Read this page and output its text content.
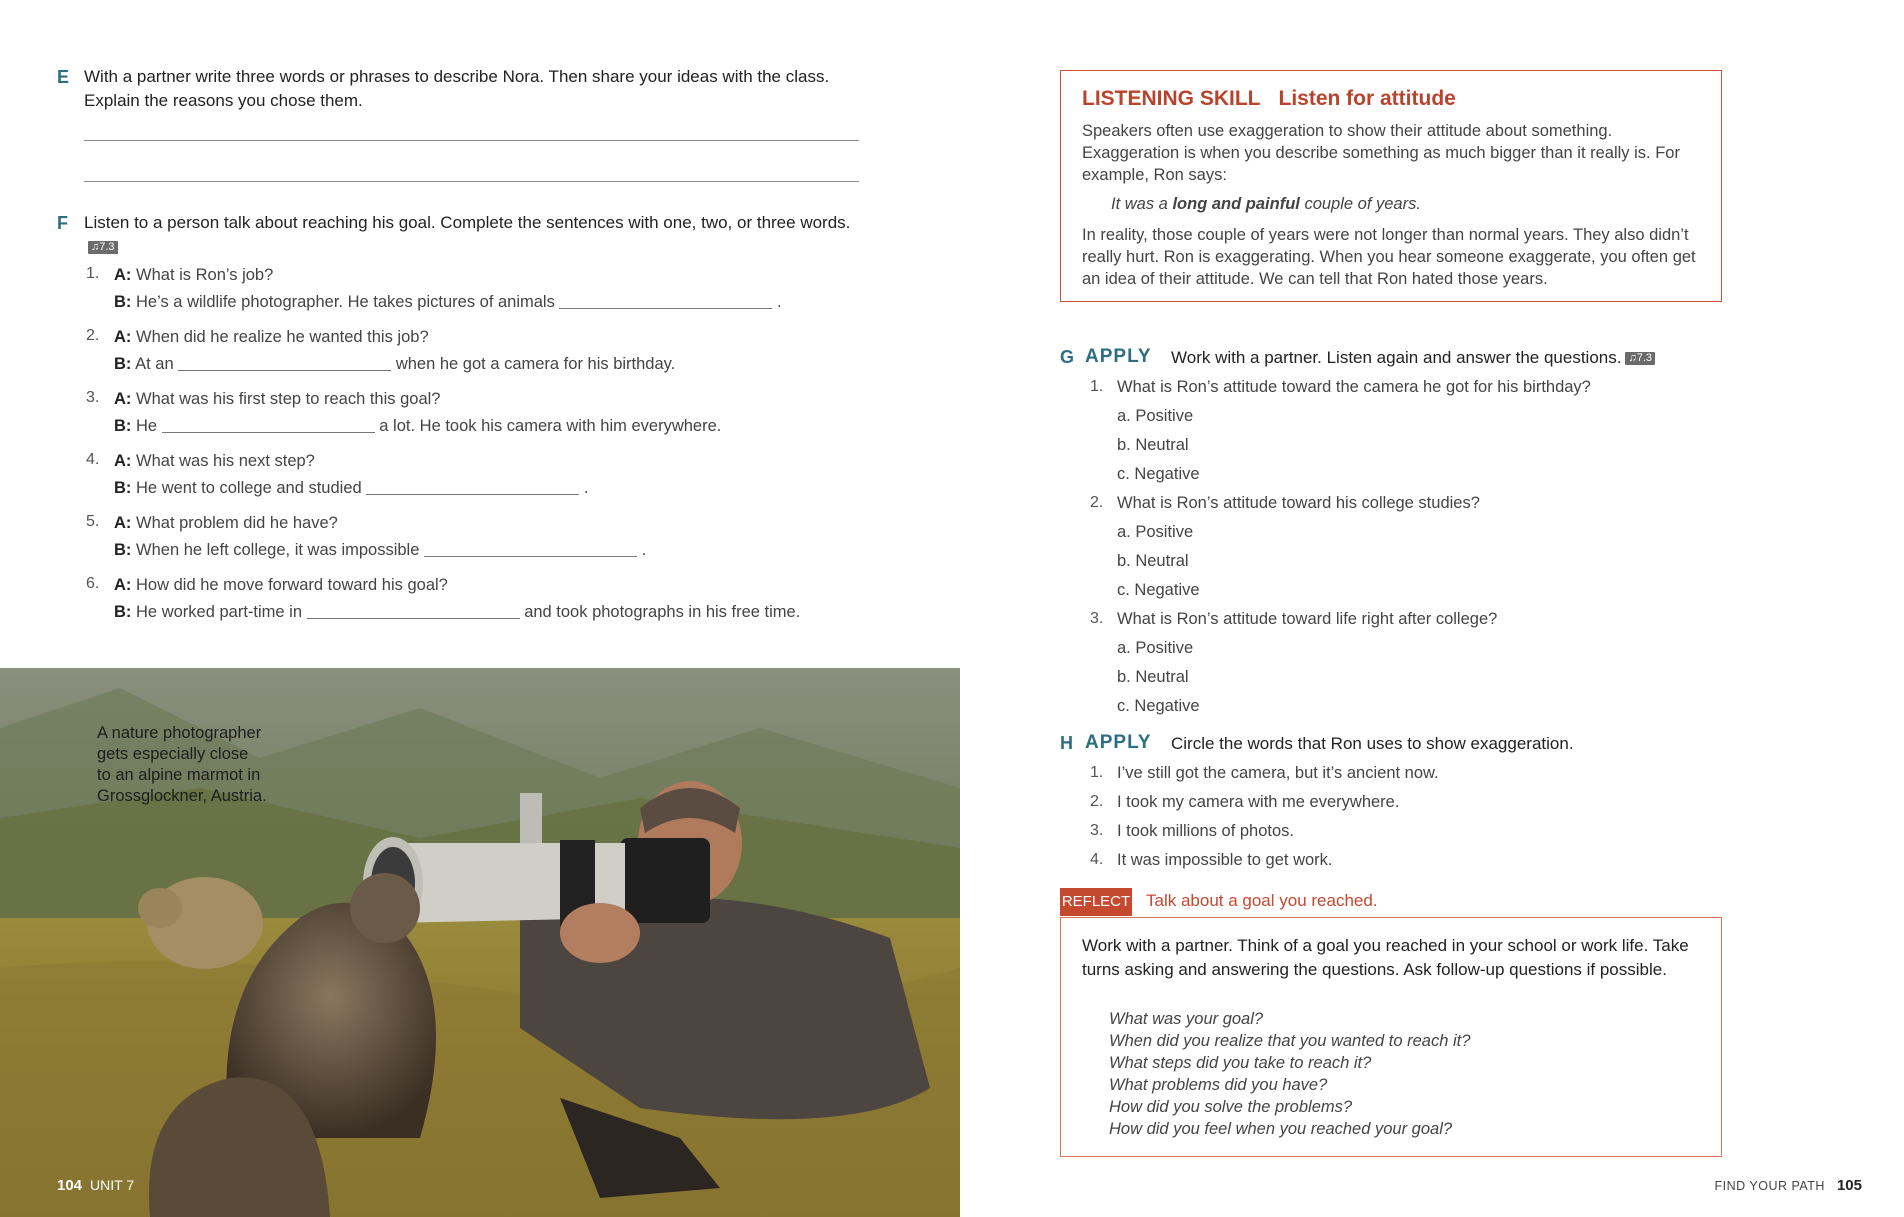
E With a partner write three words or phrases to describe Nora. Then share your ideas with the class. Explain the reasons you chose them.
F Listen to a person talk about reaching his goal. Complete the sentences with one, two, or three words.♫7.3
1. A: What is Ron’s job?
B: He’s a wildlife photographer. He takes pictures of animals	.
2. A: When did he realize he wanted this job?
B: At an	when he got a camera for his birthday.
3. A: What was his first step to reach this goal?
B: He	a lot. He took his camera with him everywhere.
4. A: What was his next step?
B: He went to college and studied	.
5. A: What problem did he have?
B: When he left college, it was impossible	.
6. A: How did he move forward toward his goal?
B: He worked part-time in	and took photographs in his free time.
A nature photographer
gets especially close
to an alpine marmot in
Grossglockner, Austria.
104 UNIT 7
LISTENING SKILL Listen for attitude
Speakers often use exaggeration to show their attitude about something. Exaggeration is when you describe something as much bigger than it really is. For example, Ron says:
It was a long and painful couple of years.
In reality, those couple of years were not longer than normal years. They also didn’t really hurt. Ron is exaggerating. When you hear someone exaggerate, you often get an idea of their attitude. We can tell that Ron hated those years.
G APPLY Work with a partner. Listen again and answer the questions. ♫7.3
1. What is Ron’s attitude toward the camera he got for his birthday?
a. Positive
b. Neutral
c. Negative
2. What is Ron’s attitude toward his college studies?
a. Positive
b. Neutral
c. Negative
3. What is Ron’s attitude toward life right after college?
a. Positive
b. Neutral
c. Negative
H APPLY Circle the words that Ron uses to show exaggeration.
1. I’ve still got the camera, but it’s ancient now.
2. I took my camera with me everywhere.
3. I took millions of photos.
4. It was impossible to get work.
REFLECT Talk about a goal you reached.
Work with a partner. Think of a goal you reached in your school or work life. Take turns asking and answering the questions. Ask follow-up questions if possible.
What was your goal?
When did you realize that you wanted to reach it?
What steps did you take to reach it?
What problems did you have?
How did you solve the problems?
How did you feel when you reached your goal?
FIND YOUR PATH 105
